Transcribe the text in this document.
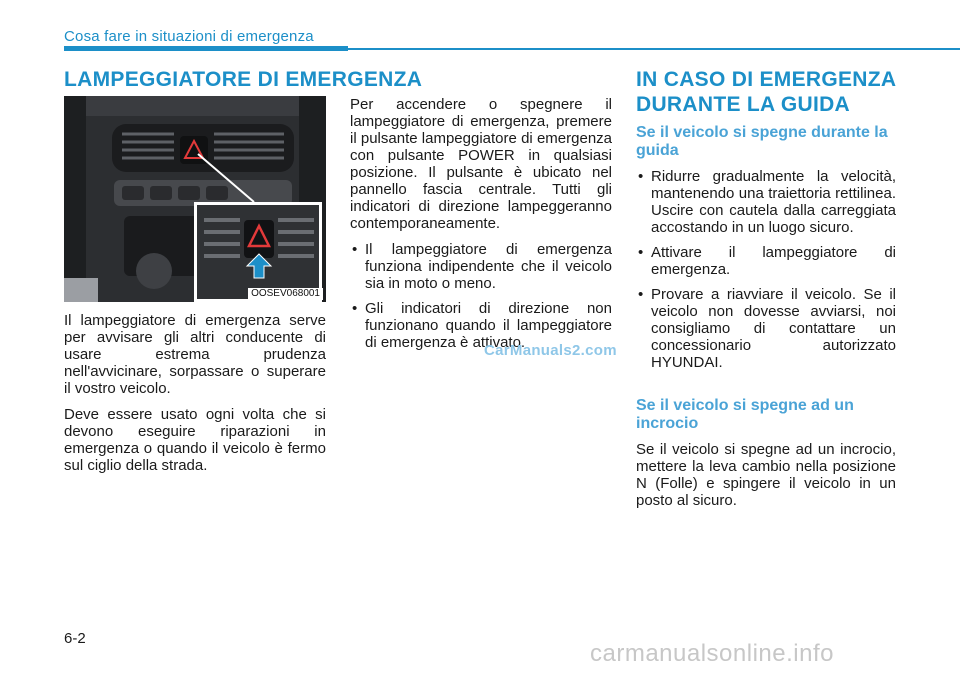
Cosa fare in situazioni di emergenza
LAMPEGGIATORE DI EMERGENZA
OOSEV068001

Il lampeggiatore di emergenza serve per avvisare gli altri conducente di usare estrema prudenza nell'avvicinare, sorpassare o superare il vostro veicolo.

Deve essere usato ogni volta che si devono eseguire riparazioni in emergenza o quando il veicolo è fermo sul ciglio della strada.

Per accendere o spegnere il lampeggiatore di emergenza, premere il pulsante lampeggiatore di emergenza con pulsante POWER in qualsiasi posizione. Il pulsante è ubicato nel pannello fascia centrale. Tutti gli indicatori di direzione lampeggeranno contemporaneamente.

• Il lampeggiatore di emergenza funziona indipendente che il veicolo sia in moto o meno.
• Gli indicatori di direzione non funzionano quando il lampeggiatore di emergenza è attivato.
CarManuals2.com
IN CASO DI EMERGENZA
DURANTE LA GUIDA
Se il veicolo si spegne durante la guida
• Ridurre gradualmente la velocità, mantenendo una traiettoria rettilinea. Uscire con cautela dalla carreggiata accostando in un luogo sicuro.
• Attivare il lampeggiatore di emergenza.
• Provare a riavviare il veicolo. Se il veicolo non dovesse avviarsi, noi consigliamo di contattare un concessionario autorizzato HYUNDAI.
Se il veicolo si spegne ad un incrocio

Se il veicolo si spegne ad un incrocio, mettere la leva cambio nella posizione N (Folle) e spingere il veicolo in un posto al sicuro.

6-2
carmanualsonline.info
